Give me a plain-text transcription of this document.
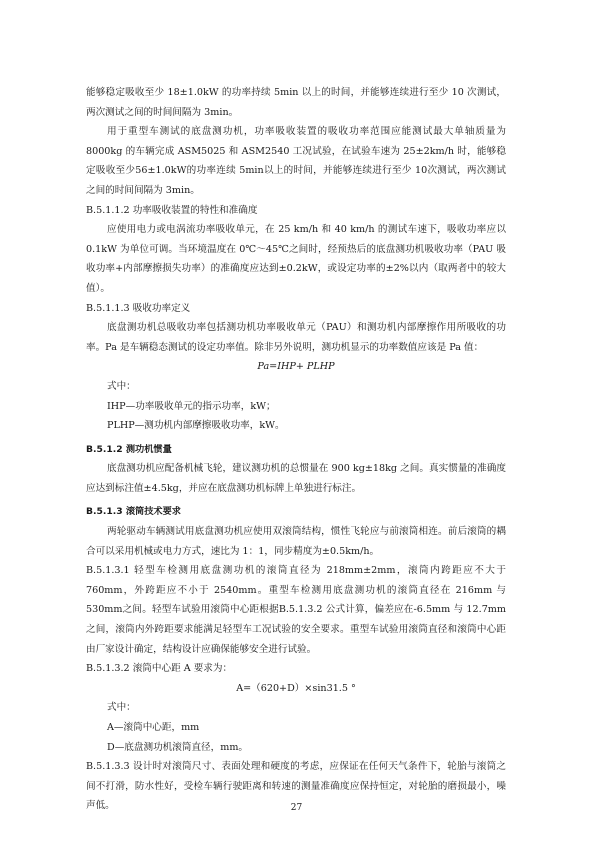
能够稳定吸收至少 18±1.0kW 的功率持续 5min 以上的时间，并能够连续进行至少 10 次测试，两次测试之间的时间间隔为 3min。

用于重型车测试的底盘测功机，功率吸收装置的吸收功率范围应能测试最大单轴质量为 8000kg 的车辆完成 ASM5025 和 ASM2540 工况试验，在试验车速为 25±2km/h 时，能够稳定吸收至少56±1.0kW的功率连续 5min以上的时间，并能够连续进行至少 10次测试，两次测试之间的时间间隔为 3min。

B.5.1.1.2 功率吸收装置的特性和准确度

应使用电力或电涡流功率吸收单元，在 25 km/h 和 40 km/h 的测试车速下，吸收功率应以 0.1kW 为单位可调。当环境温度在 0℃～45℃之间时，经预热后的底盘测功机吸收功率（PAU 吸收功率+内部摩擦损失功率）的准确度应达到±0.2kW，或设定功率的±2%以内（取两者中的较大值）。

B.5.1.1.3 吸收功率定义

底盘测功机总吸收功率包括测功机功率吸收单元（PAU）和测功机内部摩擦作用所吸收的功率。Pa 是车辆稳态测试的设定功率值。除非另外说明，测功机显示的功率数值应该是 Pa 值：

Pa=IHP+ PLHP

式中：

IHP—功率吸收单元的指示功率，kW；

PLHP—测功机内部摩擦吸收功率，kW。

B.5.1.2 测功机惯量

底盘测功机应配备机械飞轮，建议测功机的总惯量在 900 kg±18kg 之间。真实惯量的准确度应达到标注值±4.5kg，并应在底盘测功机标牌上单独进行标注。

B.5.1.3 滚筒技术要求

两轮驱动车辆测试用底盘测功机应使用双滚筒结构，惯性飞轮应与前滚筒相连。前后滚筒的耦合可以采用机械或电力方式，速比为 1：1，同步精度为±0.5km/h。

B.5.1.3.1 轻型车检测用底盘测功机的滚筒直径为 218mm±2mm，滚筒内跨距应不大于 760mm，外跨距应不小于 2540mm。重型车检测用底盘测功机的滚筒直径在 216mm 与 530mm之间。轻型车试验用滚筒中心距根据B.5.1.3.2 公式计算，偏差应在-6.5mm 与 12.7mm 之间，滚筒内外跨距要求能满足轻型车工况试验的安全要求。重型车试验用滚筒直径和滚筒中心距由厂家设计确定，结构设计应确保能够安全进行试验。

B.5.1.3.2 滚筒中心距 A 要求为：

A=（620+D）×sin31.5 °

式中：

A—滚筒中心距，mm

D—底盘测功机滚筒直径，mm。

B.5.1.3.3 设计时对滚筒尺寸、表面处理和硬度的考虑，应保证在任何天气条件下，轮胎与滚筒之间不打滑，防水性好，受检车辆行驶距离和转速的测量准确度应保持恒定，对轮胎的磨损最小，噪声低。	27
